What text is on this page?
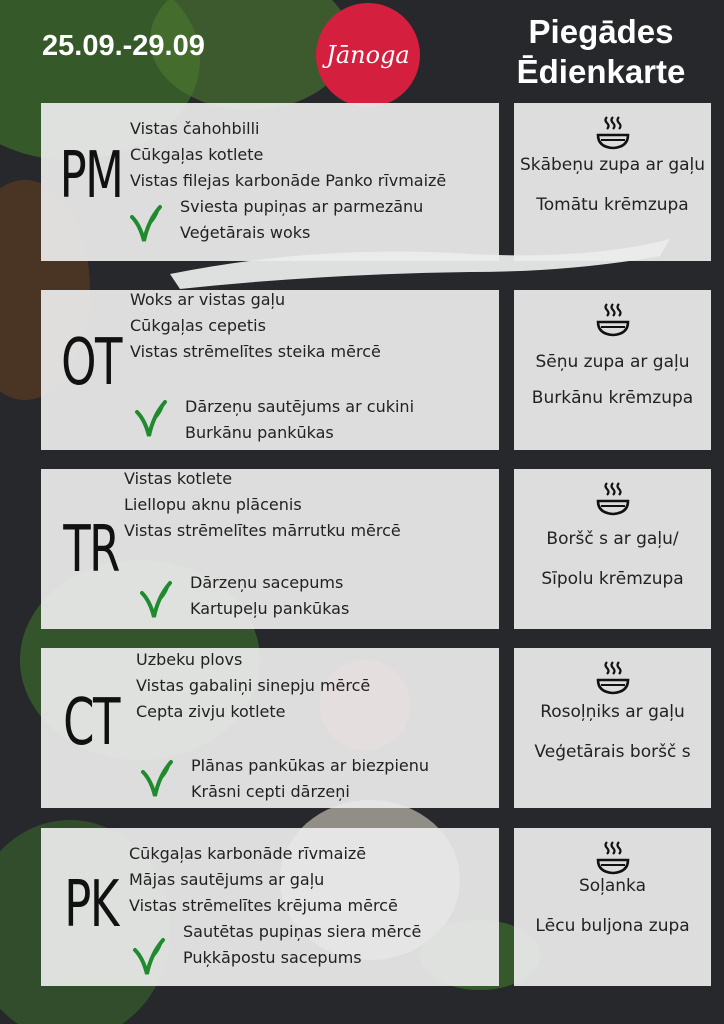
25.09.-29.09	Jānoga
Piegādes
Ēdienkarte
PM
Vistas čahohbilli
Cūkgaļas kotlete
Vistas filejas karbonāde Panko rīvmaizē
Sviesta pupiņas ar parmezānu
Veģetārais woks
Skābeņu zupa ar gaļu
Tomātu krēmzupa
OT
Woks ar vistas gaļu
Cūkgaļas cepetis
Vistas strēmelītes steika mērcē
Dārzeņu sautējums ar cukini
Burkānu pankūkas
Sēņu zupa ar gaļu
Burkānu krēmzupa
TR
Vistas kotlete
Liellopu aknu plācenis
Vistas strēmelītes mārrutku mērcē
Dārzeņu sacepums
Kartupeļu pankūkas
Boršč s ar gaļu/
Sīpolu krēmzupa
CT
Uzbeku plovs
Vistas gabaliņi sinepju mērcē
Cepta zivju kotlete
Plānas pankūkas ar biezpienu
Krāsni cepti dārzeņi
Rosoļņiks ar gaļu
Veģetārais boršč s
PK
Cūkgaļas karbonāde rīvmaizē
Mājas sautējums ar gaļu
Vistas strēmelītes krējuma mērcē
Sautētas pupiņas siera mērcē
Puķkāpostu sacepums
Soļanka
Lēcu buljona zupa
